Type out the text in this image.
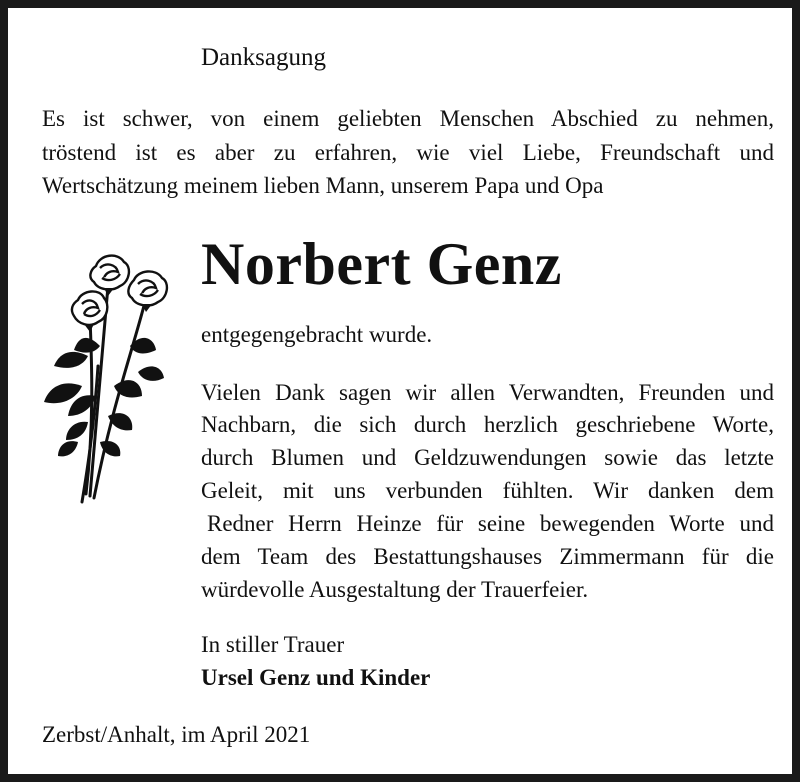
Danksagung

Es ist schwer, von einem geliebten Menschen Abschied zu nehmen,

tröstend ist es aber zu erfahren, wie viel Liebe, Freundschaft und

Wertschätzung meinem lieben Mann, unserem Papa und Opa

Norbert Genz

entgegengebracht wurde.

Vielen Dank sagen wir allen Verwandten, Freunden und

Nachbarn, die sich durch herzlich geschriebene Worte,

durch Blumen und Geldzuwendungen sowie das letzte

Geleit, mit uns verbunden fühlten. Wir danken dem

Redner Herrn Heinze für seine bewegenden Worte und

dem Team des Bestattungshauses Zimmermann für die

würdevolle Ausgestaltung der Trauerfeier.

In stiller Trauer

Ursel Genz und Kinder

Zerbst/Anhalt, im April 2021
